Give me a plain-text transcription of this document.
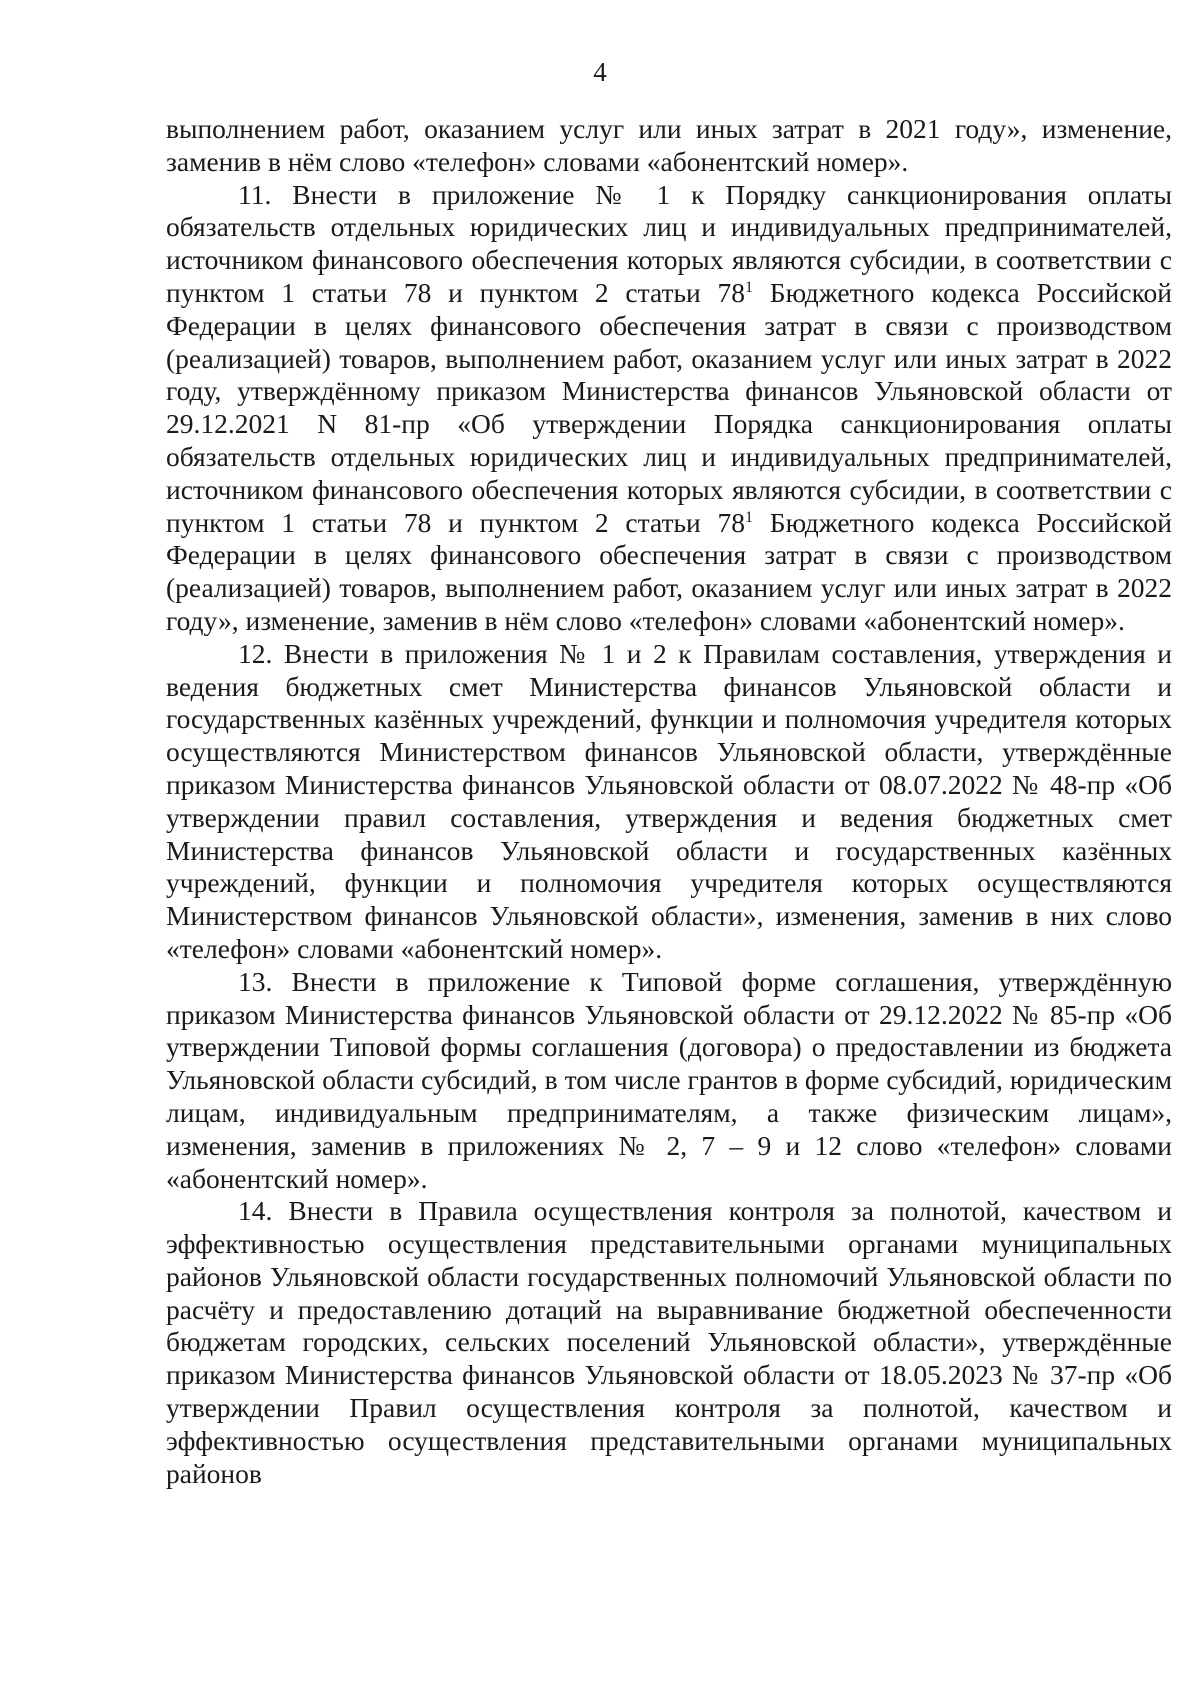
4

выполнением работ, оказанием услуг или иных затрат в 2021 году», изменение, заменив в нём слово «телефон» словами «абонентский номер».

11. Внести в приложение № 1 к Порядку санкционирования оплаты обязательств отдельных юридических лиц и индивидуальных предпринимателей, источником финансового обеспечения которых являются субсидии, в соответствии с пунктом 1 статьи 78 и пунктом 2 статьи $78^1$ Бюджетного кодекса Российской Федерации в целях финансового обеспечения затрат в связи с производством (реализацией) товаров, выполнением работ, оказанием услуг или иных затрат в 2022 году, утверждённому приказом Министерства финансов Ульяновской области от 29.12.2021 N 81-пр «Об утверждении Порядка санкционирования оплаты обязательств отдельных юридических лиц и индивидуальных предпринимателей, источником финансового обеспечения которых являются субсидии, в соответствии с пунктом 1 статьи 78 и пунктом 2 статьи $78^1$ Бюджетного кодекса Российской Федерации в целях финансового обеспечения затрат в связи с производством (реализацией) товаров, выполнением работ, оказанием услуг или иных затрат в 2022 году», изменение, заменив в нём слово «телефон» словами «абонентский номер».

12. Внести в приложения № 1 и 2 к Правилам составления, утверждения и ведения бюджетных смет Министерства финансов Ульяновской области и государственных казённых учреждений, функции и полномочия учредителя которых осуществляются Министерством финансов Ульяновской области, утверждённые приказом Министерства финансов Ульяновской области от 08.07.2022 № 48-пр «Об утверждении правил составления, утверждения и ведения бюджетных смет Министерства финансов Ульяновской области и государственных казённых учреждений, функции и полномочия учредителя которых осуществляются Министерством финансов Ульяновской области», изменения, заменив в них слово «телефон» словами «абонентский номер».

13. Внести в приложение к Типовой форме соглашения, утверждённую приказом Министерства финансов Ульяновской области от 29.12.2022 № 85-пр «Об утверждении Типовой формы соглашения (договора) о предоставлении из бюджета Ульяновской области субсидий, в том числе грантов в форме субсидий, юридическим лицам, индивидуальным предпринимателям, а также физическим лицам», изменения, заменив в приложениях № 2, 7 – 9 и 12 слово «телефон» словами «абонентский номер».

14. Внести в Правила осуществления контроля за полнотой, качеством и эффективностью осуществления представительными органами муниципальных районов Ульяновской области государственных полномочий Ульяновской области по расчёту и предоставлению дотаций на выравнивание бюджетной обеспеченности бюджетам городских, сельских поселений Ульяновской области», утверждённые приказом Министерства финансов Ульяновской области от 18.05.2023 № 37-пр «Об утверждении Правил осуществления контроля за полнотой, качеством и эффективностью осуществления представительными органами муниципальных районов
